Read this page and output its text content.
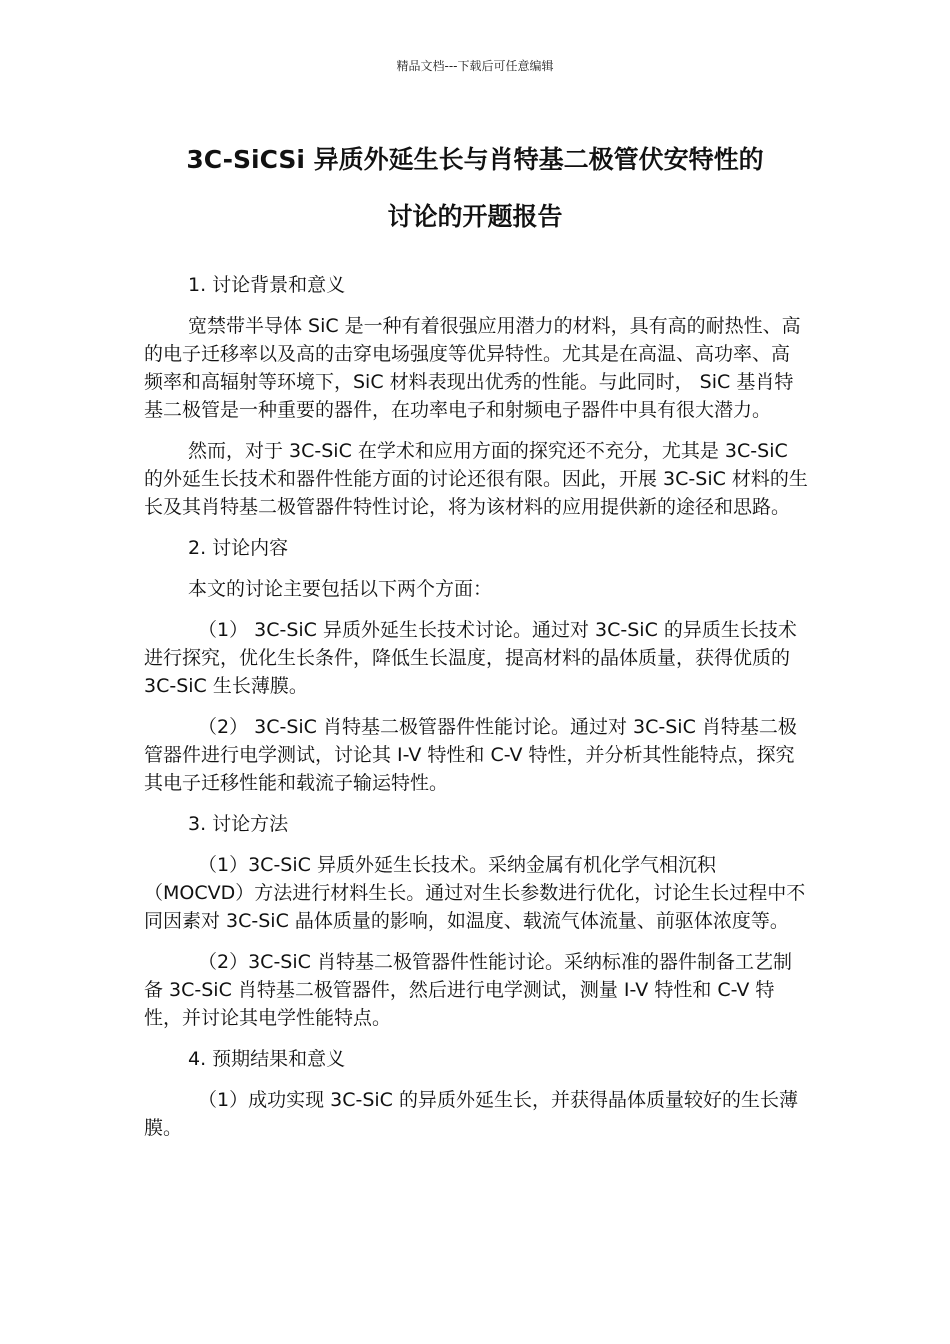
精品文档---下载后可任意编辑
3C-SiCSi 异质外延生长与肖特基二极管伏安特性的
讨论的开题报告

1. 讨论背景和意义

宽禁带半导体 SiC 是一种有着很强应用潜力的材料，具有高的耐热性、高的电子迁移率以及高的击穿电场强度等优异特性。尤其是在高温、高功率、高频率和高辐射等环境下，SiC 材料表现出优秀的性能。与此同时， SiC 基肖特基二极管是一种重要的器件，在功率电子和射频电子器件中具有很大潜力。

然而，对于 3C-SiC 在学术和应用方面的探究还不充分，尤其是 3C-SiC 的外延生长技术和器件性能方面的讨论还很有限。因此，开展 3C-SiC 材料的生长及其肖特基二极管器件特性讨论，将为该材料的应用提供新的途径和思路。

2. 讨论内容

本文的讨论主要包括以下两个方面：

（1） 3C-SiC 异质外延生长技术讨论。通过对 3C-SiC 的异质生长技术进行探究，优化生长条件，降低生长温度，提高材料的晶体质量，获得优质的 3C-SiC 生长薄膜。

（2） 3C-SiC 肖特基二极管器件性能讨论。通过对 3C-SiC 肖特基二极管器件进行电学测试，讨论其 I-V 特性和 C-V 特性，并分析其性能特点，探究其电子迁移性能和载流子输运特性。

3. 讨论方法

（1）3C-SiC 异质外延生长技术。采纳金属有机化学气相沉积（MOCVD）方法进行材料生长。通过对生长参数进行优化，讨论生长过程中不同因素对 3C-SiC 晶体质量的影响，如温度、载流气体流量、前驱体浓度等。

（2）3C-SiC 肖特基二极管器件性能讨论。采纳标准的器件制备工艺制备 3C-SiC 肖特基二极管器件，然后进行电学测试，测量 I-V 特性和 C-V 特性，并讨论其电学性能特点。

4. 预期结果和意义

（1）成功实现 3C-SiC 的异质外延生长，并获得晶体质量较好的生长薄膜。
